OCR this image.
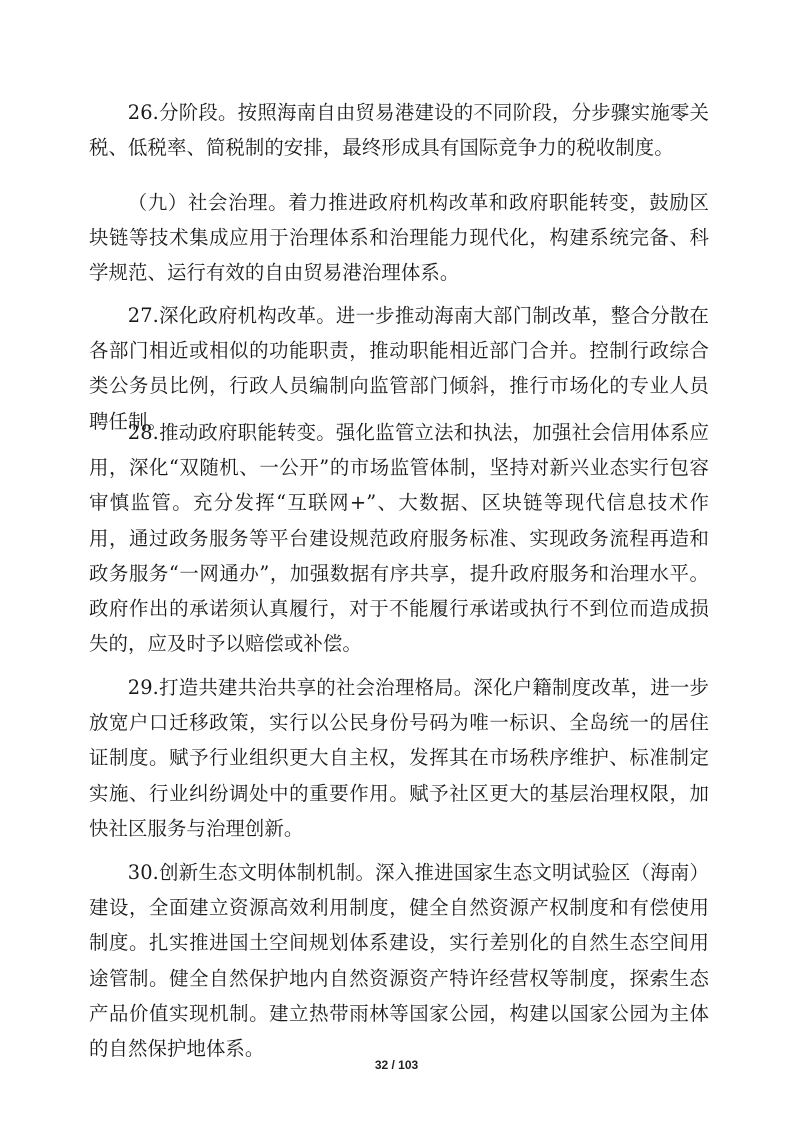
26.分阶段。按照海南自由贸易港建设的不同阶段，分步骤实施零关税、低税率、简税制的安排，最终形成具有国际竞争力的税收制度。

（九）社会治理。着力推进政府机构改革和政府职能转变，鼓励区块链等技术集成应用于治理体系和治理能力现代化，构建系统完备、科学规范、运行有效的自由贸易港治理体系。

27.深化政府机构改革。进一步推动海南大部门制改革，整合分散在各部门相近或相似的功能职责，推动职能相近部门合并。控制行政综合类公务员比例，行政人员编制向监管部门倾斜，推行市场化的专业人员聘任制。

28.推动政府职能转变。强化监管立法和执法，加强社会信用体系应用，深化“双随机、一公开”的市场监管体制，坚持对新兴业态实行包容审慎监管。充分发挥“互联网+”、大数据、区块链等现代信息技术作用，通过政务服务等平台建设规范政府服务标准、实现政务流程再造和政务服务“一网通办”，加强数据有序共享，提升政府服务和治理水平。政府作出的承诺须认真履行，对于不能履行承诺或执行不到位而造成损失的，应及时予以赔偿或补偿。

29.打造共建共治共享的社会治理格局。深化户籍制度改革，进一步放宽户口迁移政策，实行以公民身份号码为唯一标识、全岛统一的居住证制度。赋予行业组织更大自主权，发挥其在市场秩序维护、标准制定实施、行业纠纷调处中的重要作用。赋予社区更大的基层治理权限，加快社区服务与治理创新。

30.创新生态文明体制机制。深入推进国家生态文明试验区（海南）建设，全面建立资源高效利用制度，健全自然资源产权制度和有偿使用制度。扎实推进国土空间规划体系建设，实行差别化的自然生态空间用途管制。健全自然保护地内自然资源资产特许经营权等制度，探索生态产品价值实现机制。建立热带雨林等国家公园，构建以国家公园为主体的自然保护地体系。

32 / 103
